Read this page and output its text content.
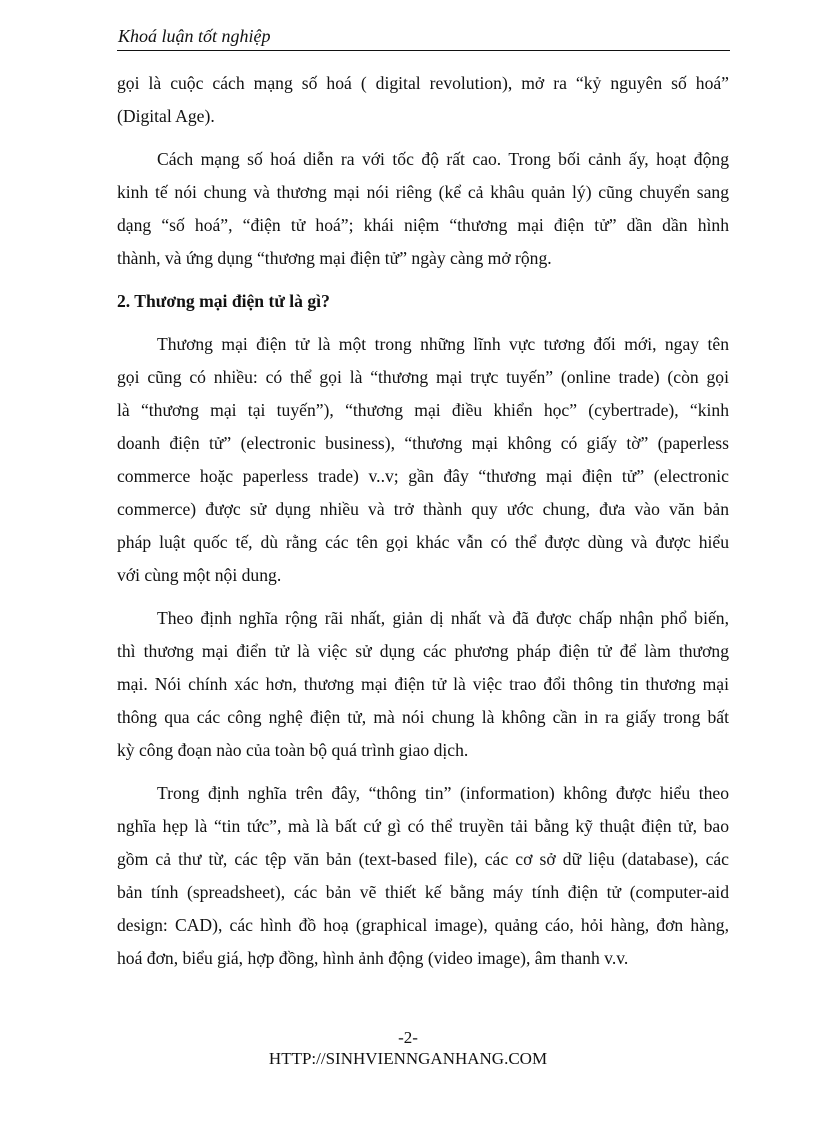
Khoá luận tốt nghiệp
gọi là cuộc cách mạng số hoá ( digital revolution), mở ra “kỷ nguyên số hoá”
(Digital Age).
Cách mạng số hoá diễn ra với tốc độ rất cao. Trong bối cảnh ấy, hoạt động
kinh tế nói chung và thương mại nói riêng (kể cả khâu quản lý) cũng chuyển sang
dạng “số hoá”, “điện tử hoá”; khái niệm “thương mại điện tử” dần dần hình
thành, và ứng dụng “thương mại điện tử” ngày càng mở rộng.
2. Thương mại điện tử là gì?
Thương mại điện tử là một trong những lĩnh vực tương đối mới, ngay tên
gọi cũng có nhiều: có thể gọi là “thương mại trực tuyến” (online trade) (còn gọi
là “thương mại tại tuyến”), “thương mại điều khiển học” (cybertrade), “kinh
doanh điện tử” (electronic business), “thương mại không có giấy tờ” (paperless
commerce hoặc paperless trade) v..v; gần đây “thương mại điện tử” (electronic
commerce) được sử dụng nhiều và trở thành quy ước chung, đưa vào văn bản
pháp luật quốc tế, dù rằng các tên gọi khác vẫn có thể được dùng và được hiểu
với cùng một nội dung.
Theo định nghĩa rộng rãi nhất, giản dị nhất và đã được chấp nhận phổ biến,
thì thương mại điển tử là việc sử dụng các phương pháp điện tử để làm thương
mại. Nói chính xác hơn, thương mại điện tử là việc trao đổi thông tin thương mại
thông qua các công nghệ điện tử, mà nói chung là không cần in ra giấy trong bất
kỳ công đoạn nào của toàn bộ quá trình giao dịch.
Trong định nghĩa trên đây, “thông tin” (information) không được hiểu theo
nghĩa hẹp là “tin tức”, mà là bất cứ gì có thể truyền tải bằng kỹ thuật điện tử, bao
gồm cả thư từ, các tệp văn bản (text-based file), các cơ sở dữ liệu (database), các
bản tính (spreadsheet), các bản vẽ thiết kế bằng máy tính điện tử (computer-aid
design: CAD), các hình đồ hoạ (graphical image), quảng cáo, hỏi hàng, đơn hàng,
hoá đơn, biểu giá, hợp đồng, hình ảnh động (video image), âm thanh v.v.
-2-
HTTP://SINHVIENNGANHANG.COM
